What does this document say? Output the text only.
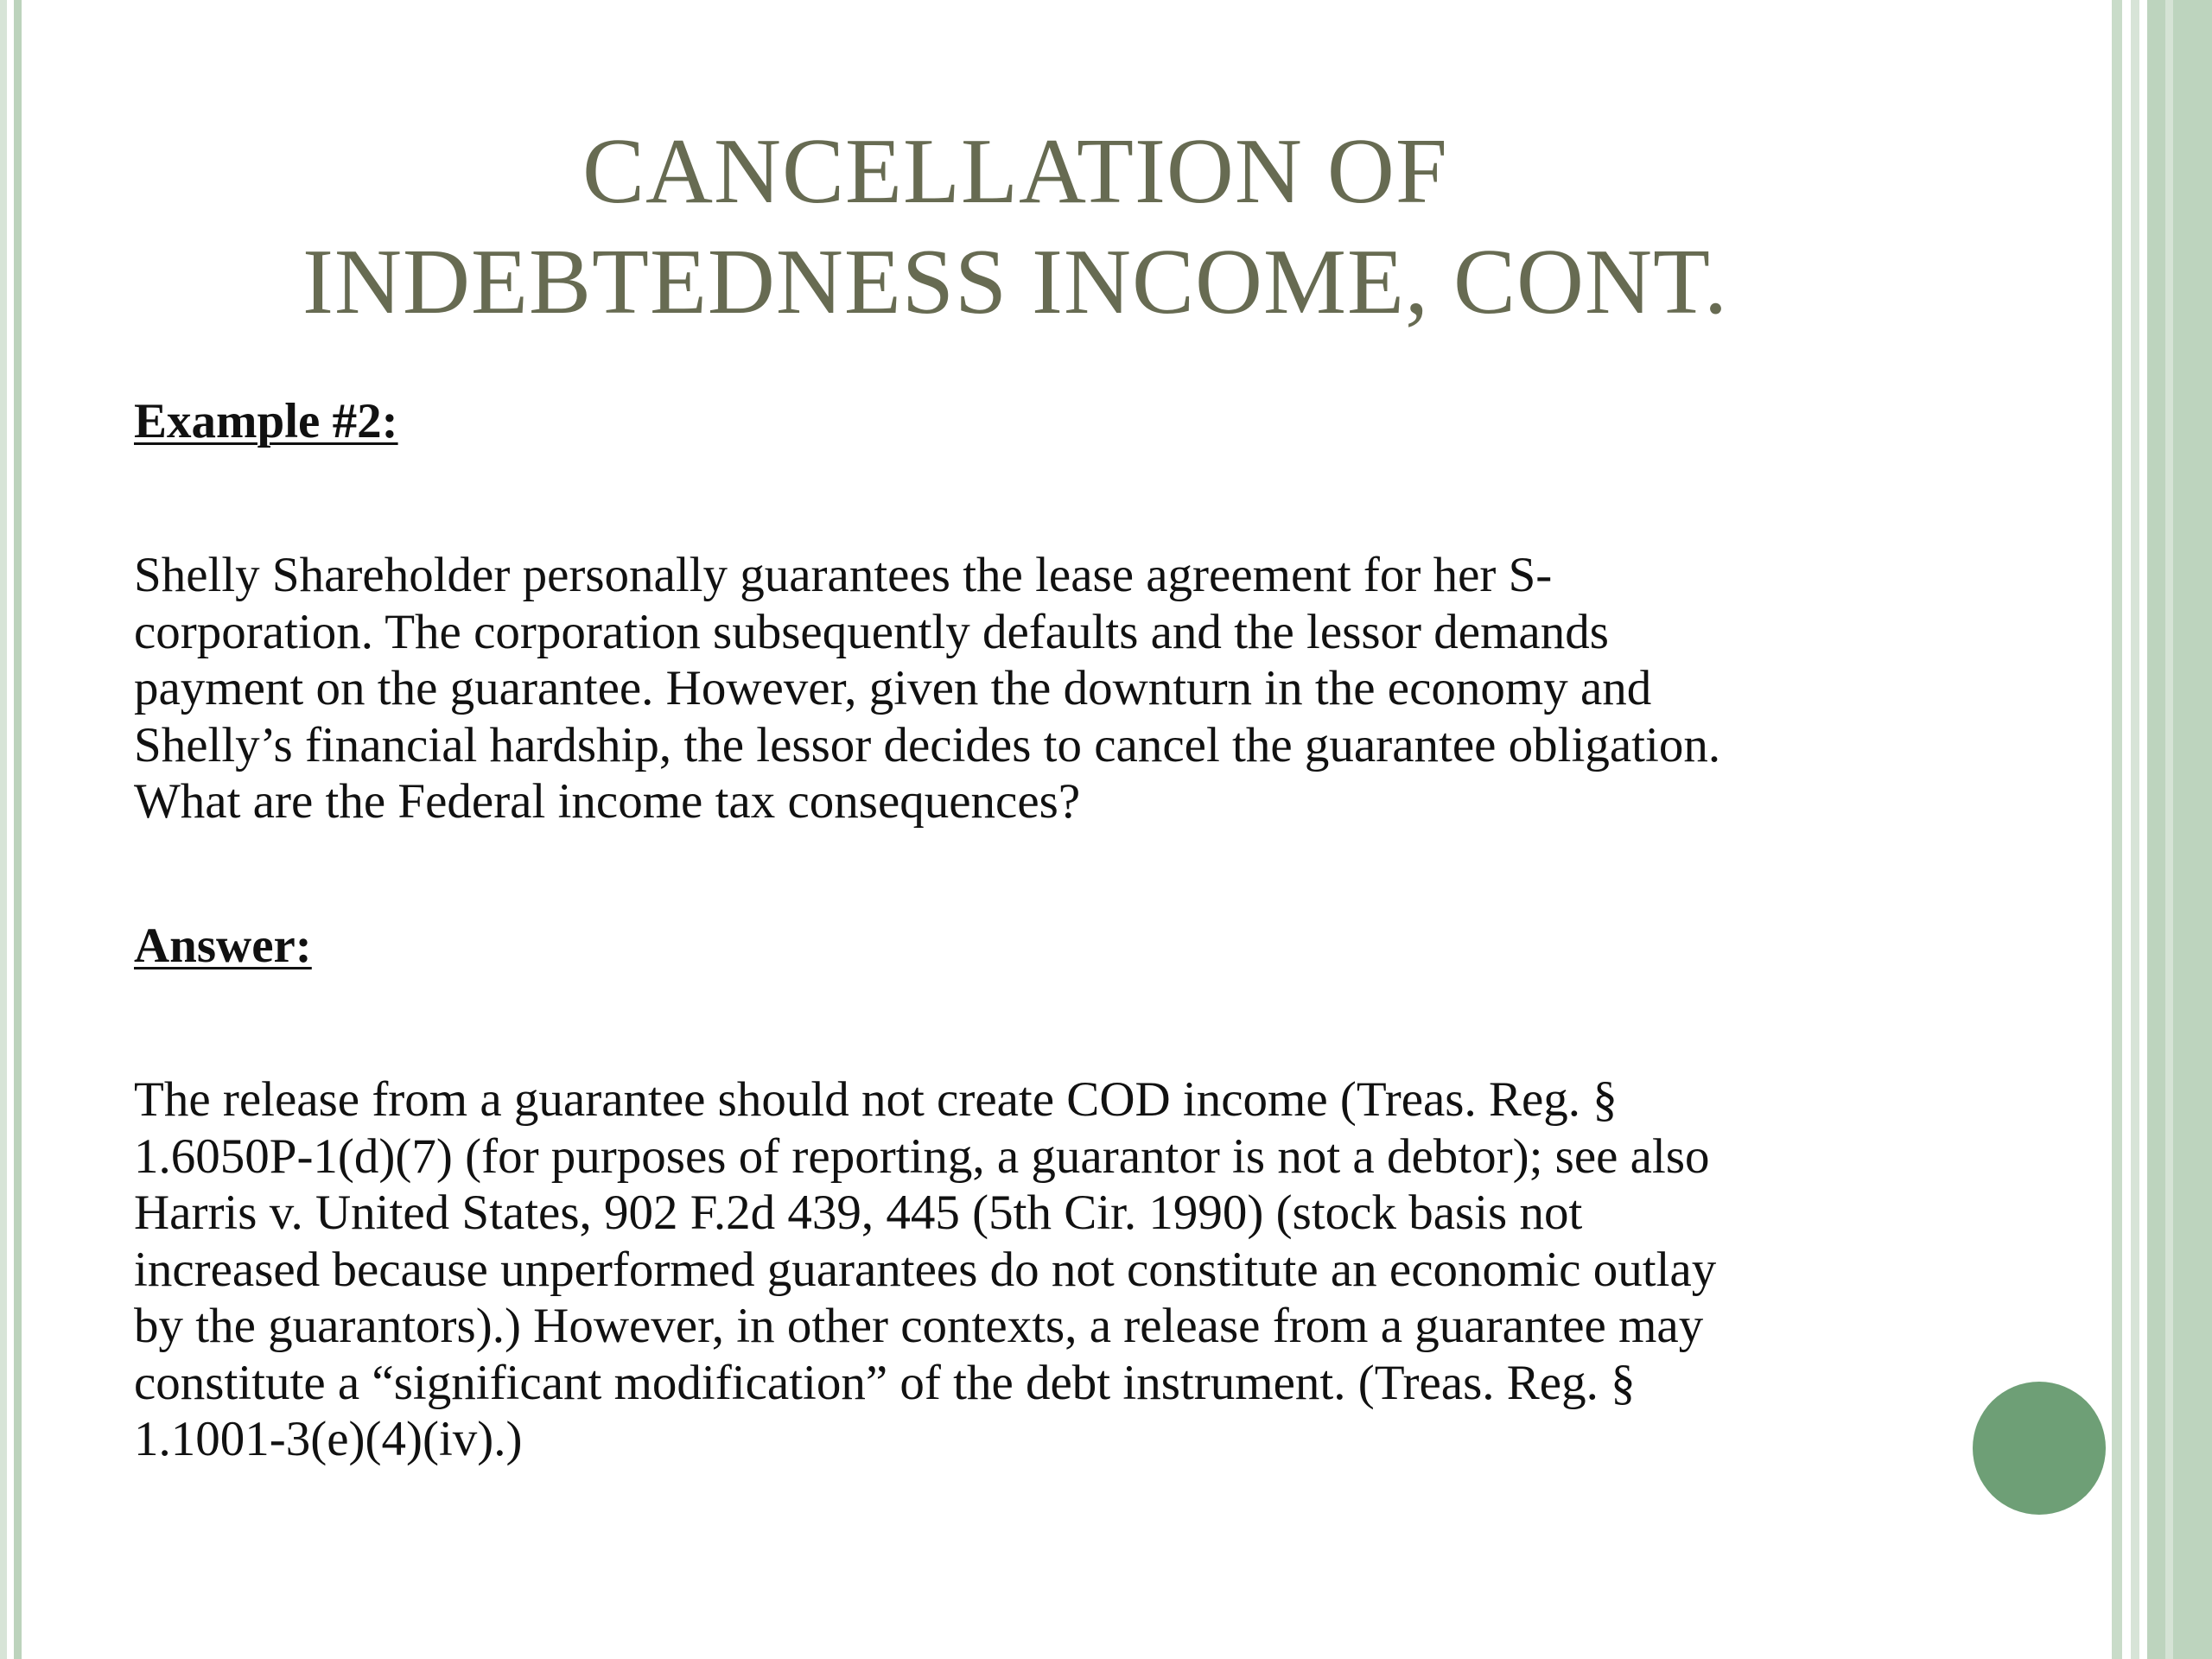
CANCELLATION OF
INDEBTEDNESS INCOME, CONT.

Example #2:

Shelly Shareholder personally guarantees the lease agreement for her S-
corporation. The corporation subsequently defaults and the lessor demands
payment on the guarantee. However, given the downturn in the economy and
Shelly’s financial hardship, the lessor decides to cancel the guarantee obligation.
What are the Federal income tax consequences?

Answer:

The release from a guarantee should not create COD income (Treas. Reg. §
1.6050P-1(d)(7) (for purposes of reporting, a guarantor is not a debtor); see also
Harris v. United States, 902 F.2d 439, 445 (5th Cir. 1990) (stock basis not
increased because unperformed guarantees do not constitute an economic outlay
by the guarantors).) However, in other contexts, a release from a guarantee may
constitute a “significant modification” of the debt instrument. (Treas. Reg. §
1.1001-3(e)(4)(iv).)
